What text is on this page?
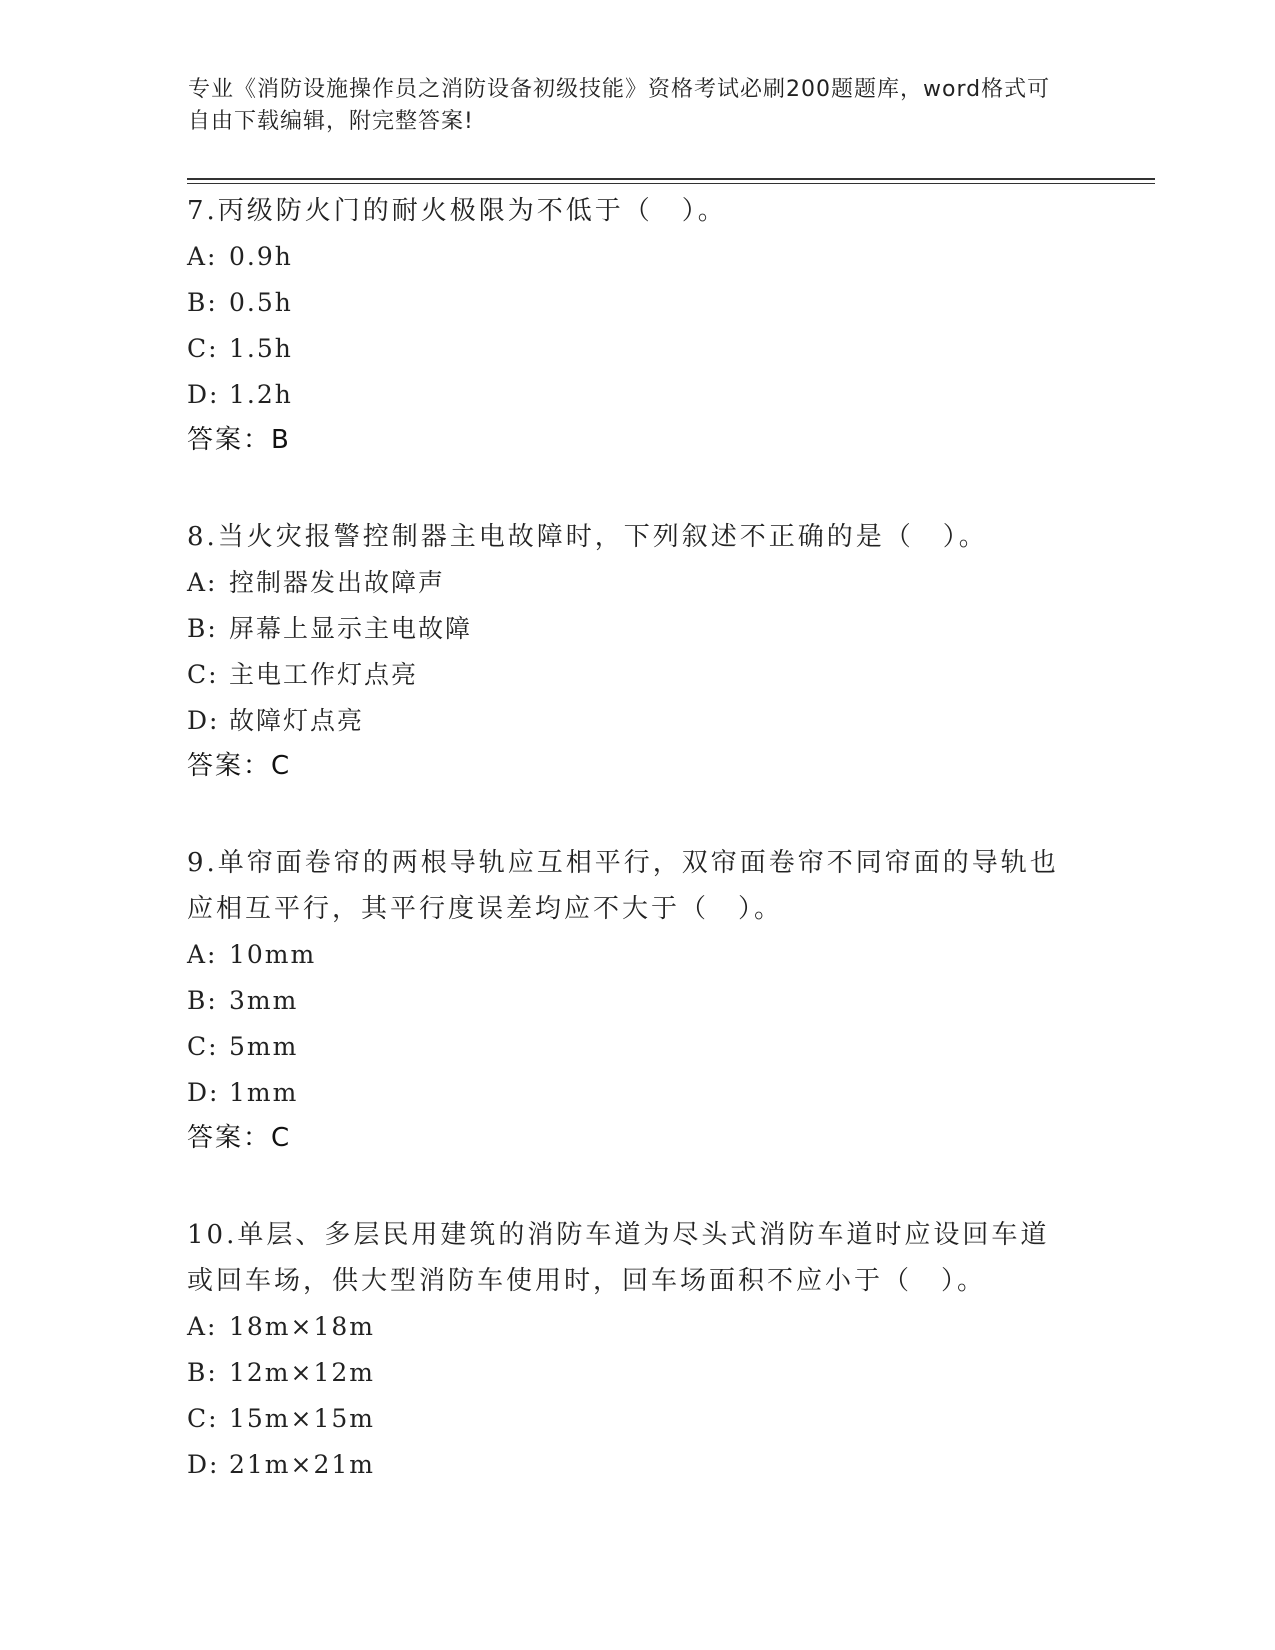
专业《消防设施操作员之消防设备初级技能》资格考试必刷200题题库，word格式可自由下载编辑，附完整答案!
7.丙级防火门的耐火极限为不低于（　）。
A: 0.9h
B: 0.5h
C: 1.5h
D: 1.2h
答案：B
8.当火灾报警控制器主电故障时，下列叙述不正确的是（　）。
A: 控制器发出故障声
B: 屏幕上显示主电故障
C: 主电工作灯点亮
D: 故障灯点亮
答案：C
9.单帘面卷帘的两根导轨应互相平行，双帘面卷帘不同帘面的导轨也应相互平行，其平行度误差均应不大于（　）。
A: 10mm
B: 3mm
C: 5mm
D: 1mm
答案：C
10.单层、多层民用建筑的消防车道为尽头式消防车道时应设回车道或回车场，供大型消防车使用时，回车场面积不应小于（　）。
A: 18m×18m
B: 12m×12m
C: 15m×15m
D: 21m×21m
